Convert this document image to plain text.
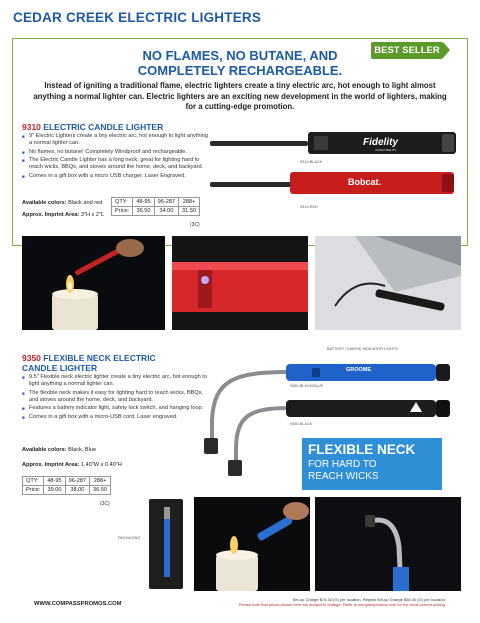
CEDAR CREEK ELECTRIC LIGHTERS
BEST SELLER
NO FLAMES, NO BUTANE, AND
COMPLETELY RECHARGEABLE.
Instead of igniting a traditional flame, electric lighters create a tiny electric arc, hot enough to light almost anything a normal lighter can. Electric lighters are an exciting new development in the world of lighters, making for a cutting-edge promotion.
9310 ELECTRIC CANDLE LIGHTER
■ 9" Electric Lighters create a tiny electric arc, hot enough to light anything a normal lighter can.
■ No flames, no butane! Completely Windproof and rechargeable.
■ The Electric Candle Lighter has a long neck, great for lighting hard to reach wicks, BBQs, and stoves around the home, deck, and backyard.
■ Comes in a gift box with a micro USB charger. Laser Engraved.
Available colors: Black and red
Approx. Imprint Area: 3"H x 2"L
QTY:	48-95	96-287	288+
Price:	36.50	34.00	31.50
(3C)
Fidelity
INVESTMENTS
Bobcat.
9310-BLACK
9310-RED
9350 FLEXIBLE NECK ELECTRIC
CANDLE LIGHTER
■ 9.5" Flexible neck electric lighter create a tiny electric arc, hot enough to light anything a normal lighter can.
■ The flexible neck makes it easy for lighting hard to reach wicks, BBQs, and stoves around the home, deck, and backyard.
■ Features a battery indicator light, safety lock switch, and hanging loop.
■ Comes in a gift box with a micro-USB cord. Laser engraved.
Available colors: Black, Blue
Approx. Imprint Area: 1.40"W x 0.40"H
QTY:	48-95	96-287	288+
Price:	39.00	38.00	36.50
(3C)
GROOME
BATTERY CHARGE INDICATOR LIGHTS
9350-BLACK/BLUE
9350-BLACK
FLEXIBLE NECK
FOR HARD TO
REACH WICKS
PACKAGING
WWW.COMPASSPROMOS.COM
Set-up Charge $74.50 (G) per location. Repeat Set-up Charge $54.00 (G) per location.
Please note that prices shown here are subject to change. Refer to compasspromos.com for the most current pricing.
